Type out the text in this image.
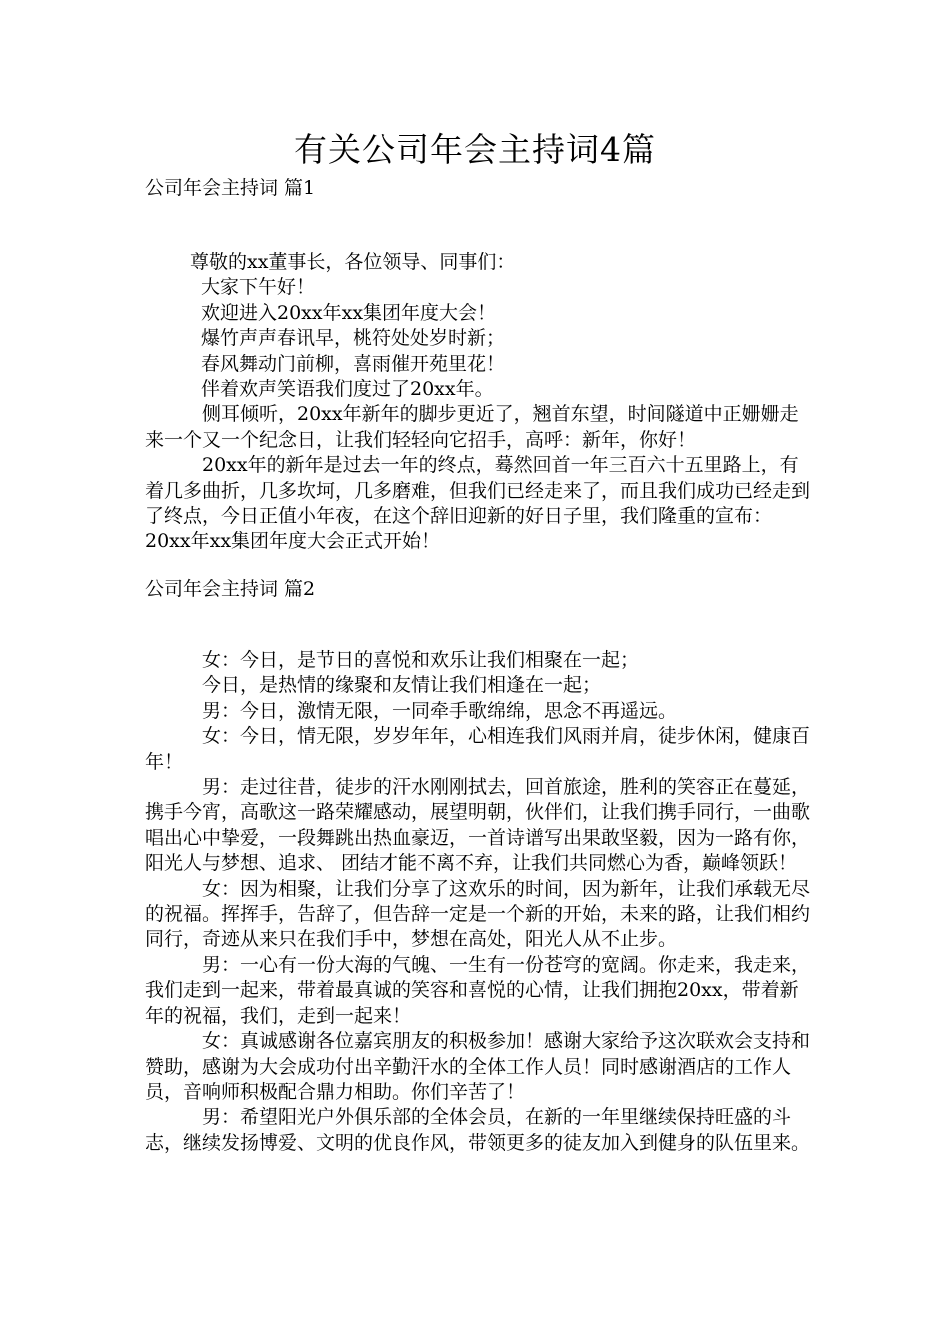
有关公司年会主持词4篇
公司年会主持词 篇1

尊敬的xx董事长，各位领导、同事们：

大家下午好！

欢迎进入20xx年xx集团年度大会！

爆竹声声春讯早，桃符处处岁时新；

春风舞动门前柳，喜雨催开苑里花！

伴着欢声笑语我们度过了20xx年。

侧耳倾听，20xx年新年的脚步更近了，翘首东望，时间隧道中正姗姗走来一个又一个纪念日，让我们轻轻向它招手，高呼：新年，你好！

20xx年的新年是过去一年的终点，蓦然回首一年三百六十五里路上，有着几多曲折，几多坎坷，几多磨难，但我们已经走来了，而且我们成功已经走到了终点，今日正值小年夜，在这个辞旧迎新的好日子里，我们隆重的宣布：20xx年xx集团年度大会正式开始！

公司年会主持词 篇2

女：今日，是节日的喜悦和欢乐让我们相聚在一起；

今日，是热情的缘聚和友情让我们相逢在一起；

男：今日，激情无限，一同牵手歌绵绵，思念不再遥远。

女：今日，情无限，岁岁年年，心相连我们风雨并肩，徒步休闲，健康百年！

男：走过往昔，徒步的汗水刚刚拭去，回首旅途，胜利的笑容正在蔓延，携手今宵，高歌这一路荣耀感动，展望明朝，伙伴们，让我们携手同行，一曲歌唱出心中挚爱，一段舞跳出热血豪迈，一首诗谱写出果敢坚毅，因为一路有你，阳光人与梦想、追求、 团结才能不离不弃，让我们共同燃心为香，巅峰领跃！

女：因为相聚，让我们分享了这欢乐的时间，因为新年，让我们承载无尽的祝福。挥挥手，告辞了，但告辞一定是一个新的开始，未来的路，让我们相约同行，奇迹从来只在我们手中，梦想在高处，阳光人从不止步。

男：一心有一份大海的气魄、一生有一份苍穹的宽阔。你走来，我走来，我们走到一起来，带着最真诚的笑容和喜悦的心情，让我们拥抱20xx，带着新年的祝福，我们，走到一起来！

女：真诚感谢各位嘉宾朋友的积极参加！感谢大家给予这次联欢会支持和赞助，感谢为大会成功付出辛勤汗水的全体工作人员！同时感谢酒店的工作人员，音响师积极配合鼎力相助。你们辛苦了！

男：希望阳光户外俱乐部的全体会员，在新的一年里继续保持旺盛的斗志，继续发扬博爱、文明的优良作风，带领更多的徒友加入到健身的队伍里来。
